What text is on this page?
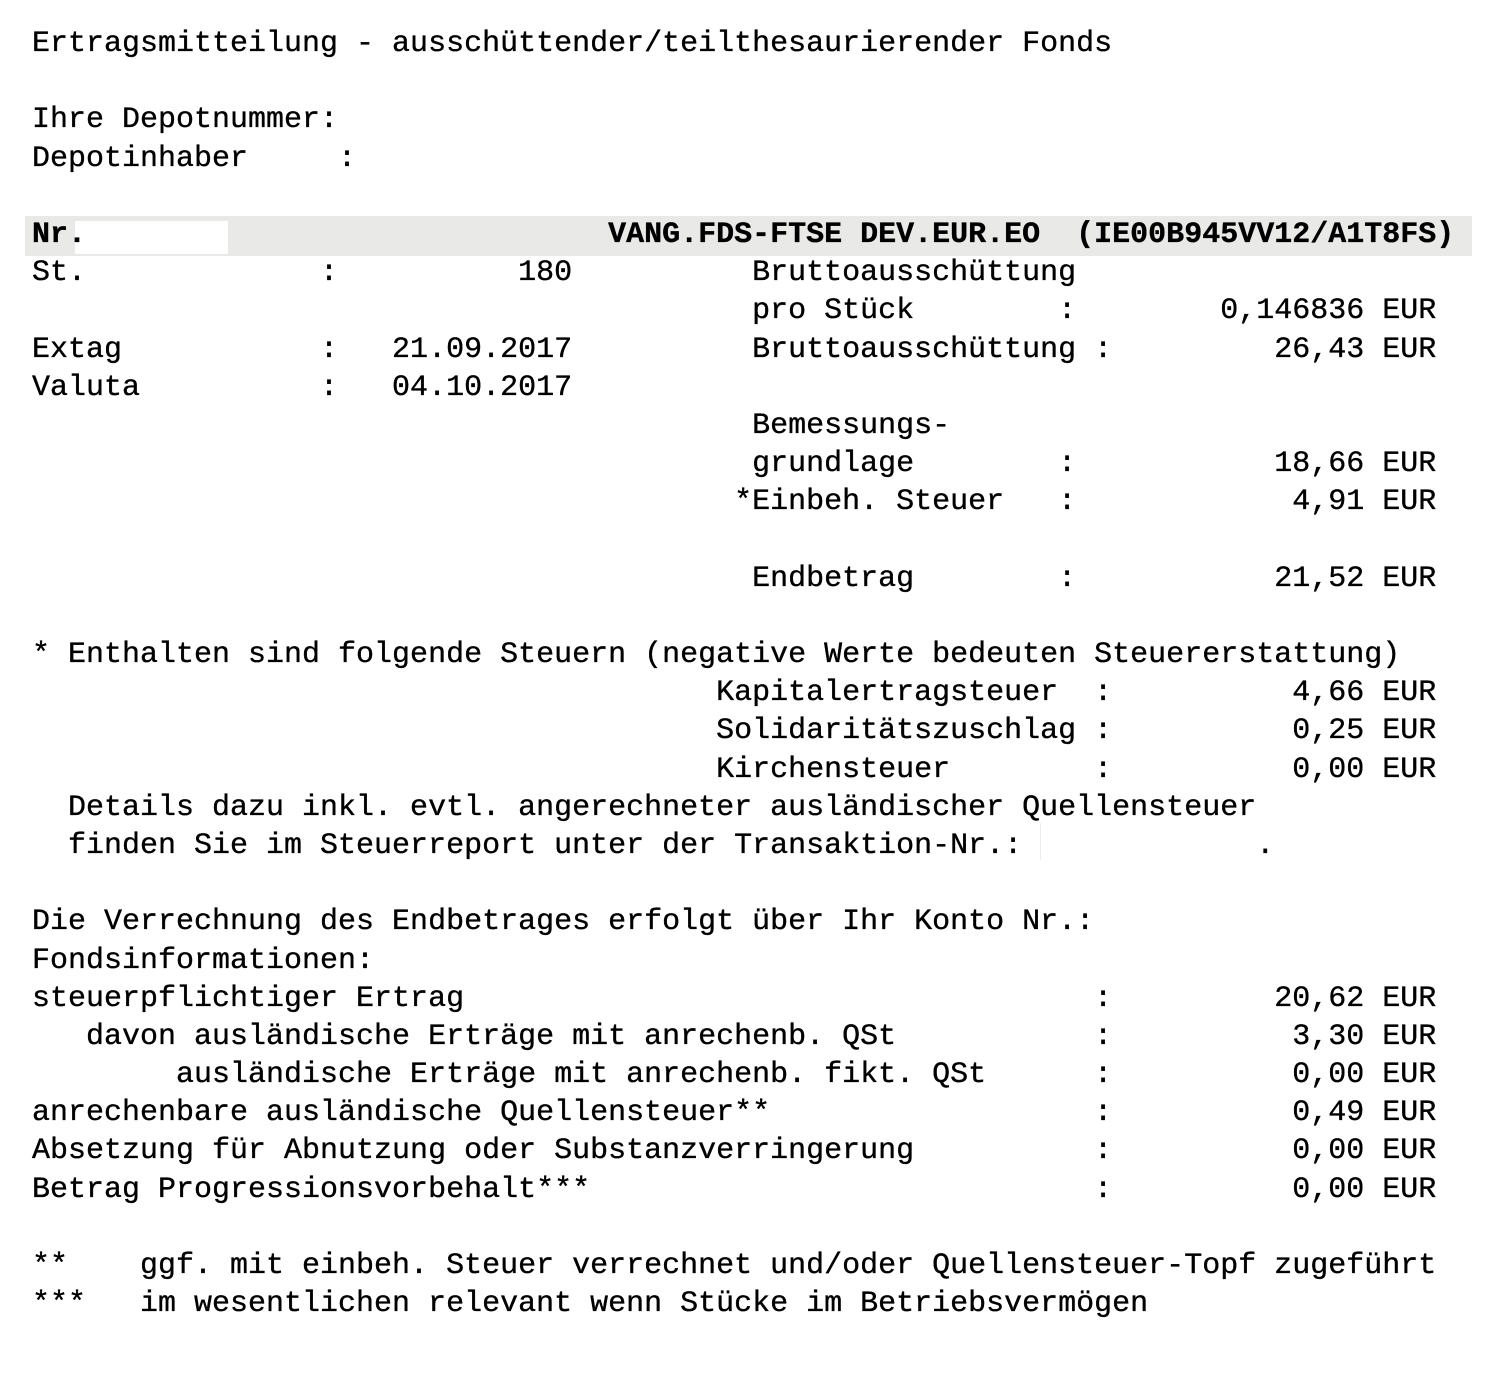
Ertragsmitteilung - ausschüttender/teilthesaurierender Fonds
Ihre Depotnummer:
Depotinhaber     :
Nr.                             VANG.FDS-FTSE DEV.EUR.EO  (IE00B945VV12/A1T8FS)
St.             :          180          Bruttoausschüttung
pro Stück        :        0,146836 EUR
Extag           :   21.09.2017          Bruttoausschüttung :         26,43 EUR
Valuta          :   04.10.2017
Bemessungs-
grundlage        :           18,66 EUR
*Einbeh. Steuer   :            4,91 EUR
Endbetrag        :           21,52 EUR
* Enthalten sind folgende Steuern (negative Werte bedeuten Steuererstattung)
Kapitalertragsteuer  :          4,66 EUR
Solidaritätszuschlag :          0,25 EUR
Kirchensteuer        :          0,00 EUR
Details dazu inkl. evtl. angerechneter ausländischer Quellensteuer
finden Sie im Steuerreport unter der Transaktion-Nr.:             .
Die Verrechnung des Endbetrages erfolgt über Ihr Konto Nr.:
Fondsinformationen:
steuerpflichtiger Ertrag                                   :         20,62 EUR
davon ausländische Erträge mit anrechenb. QSt           :          3,30 EUR
ausländische Erträge mit anrechenb. fikt. QSt      :          0,00 EUR
anrechenbare ausländische Quellensteuer**                  :          0,49 EUR
Absetzung für Abnutzung oder Substanzverringerung          :          0,00 EUR
Betrag Progressionsvorbehalt***                            :          0,00 EUR
**    ggf. mit einbeh. Steuer verrechnet und/oder Quellensteuer-Topf zugeführt
***   im wesentlichen relevant wenn Stücke im Betriebsvermögen
